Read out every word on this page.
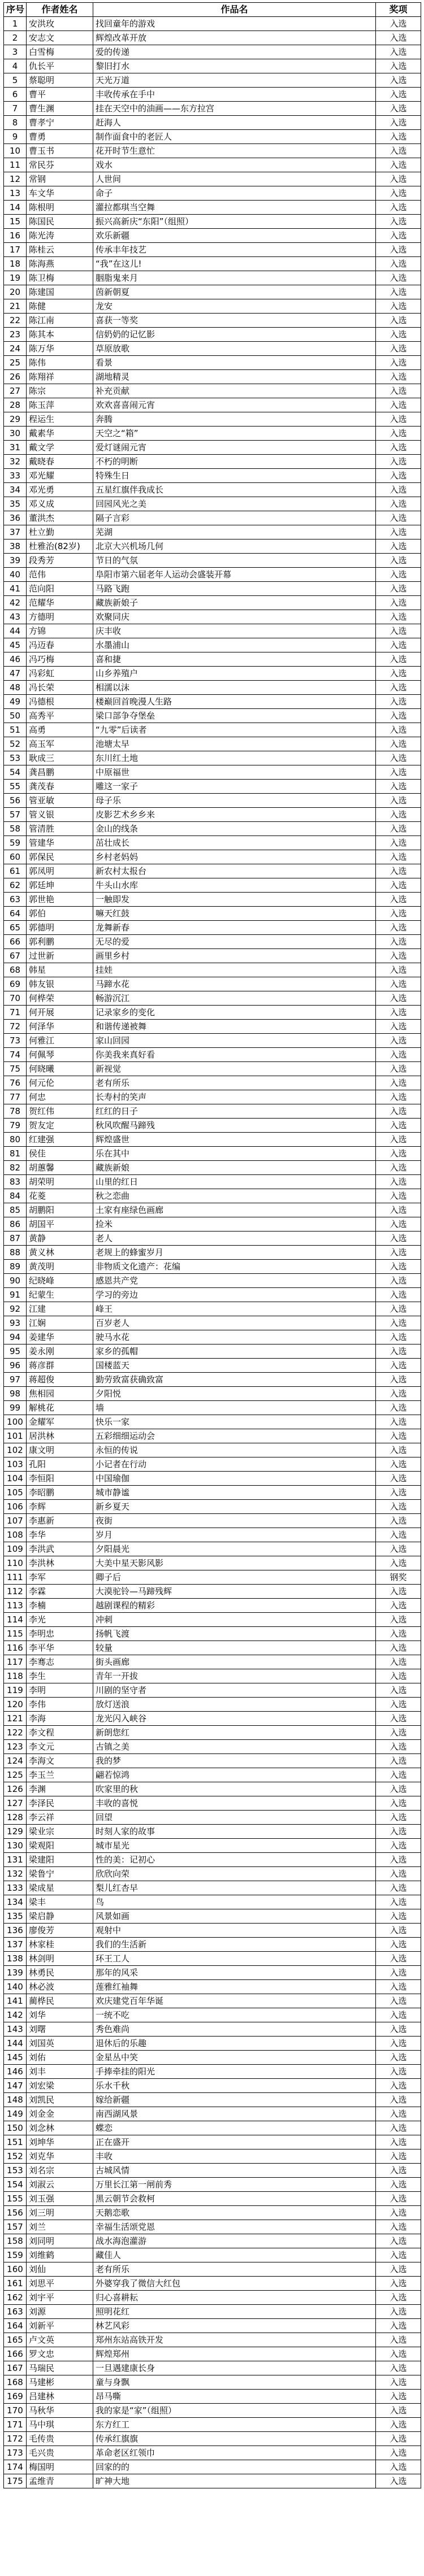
序号	作者姓名	作品名	奖项
1	安洪玫	找回童年的游戏	入选
2	安志文	辉煌改革开放	入选
3	白雪梅	爱的传递	入选
4	仇长平	黎旧打水	入选
5	蔡聪明	天光万道	入选
6	曹平	丰收传承在手中	入选
7	曹生渊	挂在天空中的油画——东方拉宫	入选
8	曹孝宁	赶海人	入选
9	曹勇	制作面食中的老匠人	入选
10	曹玉书	花开时节生意忙	入选
11	常民芬	戏水	入选
12	常钢	人世间	入选
13	车文华	命子	入选
14	陈根明	灌拉都琪当空舞	入选
15	陈国民	振兴高新庆“东阳”（组照）	入选
16	陈光涛	欢乐新疆	入选
17	陈桂云	传承丰年技艺	入选
18	陈海燕	“我”在这儿!	入选
19	陈卫梅	胭脂鬼来月	入选
20	陈建国	茵新朝夏	入选
21	陈健	龙安	入选
22	陈江南	喜获一等奖	入选
23	陈其本	信奶奶的记忆影	入选
24	陈万华	草原放歌	入选
25	陈伟	看景	入选
26	陈翔祥	湖地精灵	入选
27	陈宗	补充贡献	入选
28	陈玉萍	欢欢喜喜闹元宵	入选
29	程运生	奔腾	入选
30	戴素华	天空之“箱”	入选
31	戴文学	爱灯谜闹元宵	入选
32	戴晓春	不朽的明断	入选
33	邓光耀	特殊生日	入选
34	邓光勇	五星红旗伴我成长	入选
35	邓义成	回园风光之美	入选
36	董洪杰	隔子言彩	入选
37	杜立勤	芜湖	入选
38	杜雅治(82岁)	北京大兴机场几何	入选
39	段秀芳	节日的气氛	入选
40	范伟	阜阳市第六届老年人运动会盛装开幕	入选
41	范向阳	马路飞跑	入选
42	范耀华	藏族新娘子	入选
43	方德明	欢聚同庆	入选
44	方锦	庆丰收	入选
45	冯迈春	水墨浦山	入选
46	冯巧梅	喜和捷	入选
47	冯彩虹	山乡养殖户	入选
48	冯长荣	相濡以沫	入选
49	冯德根	楼巅回首晚漫人生路	入选
50	高秀平	梁口部争夺堡垒	入选
51	高勇	“九零”后读者	入选
52	高玉军	池塘太早	入选
53	耿成三	东川红土地	入选
54	龚昌鹏	中原福世	入选
55	龚茂春	雕这一家子	入选
56	管亚敏	母子乐	入选
57	管义银	皮影艺术乡乡来	入选
58	管清胜	金山的线条	入选
59	管建华	茁壮成长	入选
60	郭保民	乡村老妈妈	入选
61	郭凤明	新农村太报台	入选
62	郭廷坤	牛头山水库	入选
63	郭世艳	一触即发	入选
64	郭伯	嘛天红鼓	入选
65	郭德明	龙舞新春	入选
66	郭利鹏	无尽的爱	入选
67	过世新	画里乡村	入选
68	韩星	挂娃	入选
69	韩友银	马蹄水花	入选
70	何桦荣	畅游沉江	入选
71	何开展	记录家乡的变化	入选
72	何泽华	和谐传递被舞	入选
73	何雅江	家山回园	入选
74	何佩琴	你美我来真好看	入选
75	何晓曦	新视觉	入选
76	何元伦	老有所乐	入选
77	何忠	长寿村的笑声	入选
78	贺红伟	红红的日子	入选
79	贺友定	秋风吹醒马蹄残	入选
80	红建强	辉煌盛世	入选
81	侯佳	乐在其中	入选
82	胡蕙馨	藏族新娘	入选
83	胡荣明	山里的红日	入选
84	花菱	秋之恋曲	入选
85	胡鹏阳	土家有座绿色画廊	入选
86	胡国平	捡米	入选
87	黄静	老人	入选
88	黄义林	老规上的蜂蜜岁月	入选
89	黄茂明	非物质文化遗产：花编	入选
90	纪晓峰	感恩共产党	入选
91	纪蒙生	学习的旁边	入选
92	江建	峰王	入选
93	江娴	百岁老人	入选
94	姜建华	驶马水花	入选
95	姜永刚	家乡的孤帽	入选
96	蒋彦群	国楼蓝天	入选
97	蒋超俊	勤劳致富获确致富	入选
98	焦相园	夕阳悦	入选
99	解桃花	墙	入选
100	金耀军	快乐一家	入选
101	居洪林	五彩细细运动会	入选
102	康文明	永恒的传说	入选
103	孔阳	小记者在行动	入选
104	李恒阳	中国瑜伽	入选
105	李昭鹏	城市静谧	入选
106	李辉	新乡夏天	入选
107	李惠新	夜街	入选
108	李华	岁月	入选
109	李洪武	夕阳晨光	入选
110	李洪林	大美中星天影风影	入选
111	李军	卿子后	钢奖
112	李霖	大漠驼铃—马蹄残辉	入选
113	李楠	越剧课程的精彩	入选
114	李光	冲刺	入选
115	李明忠	扬帆飞渡	入选
116	李平华	较量	入选
117	李骞志	街头画廊	入选
118	李生	青年一开拔	入选
119	李明	川剧的坚守者	入选
120	李伟	放灯送浪	入选
121	李海	龙光闪入峡谷	入选
122	李文程	新朗您红	入选
123	李文元	古镇之美	入选
124	李海文	我的梦	入选
125	李玉兰	翩若惊鸿	入选
126	李渊	吹家里的秋	入选
127	李泽民	丰收的喜悦	入选
128	李云祥	回望	入选
129	梁业宗	时刻人家的故事	入选
130	梁观阳	城市星光	入选
131	梁建阳	性的美：记初心	入选
132	梁鲁宁	欣欣向荣	入选
133	梁成星	梨儿红杏早	入选
134	梁丰	鸟	入选
135	梁启静	风景如画	入选
136	廖俊芳	观射中	入选
137	林家桂	我们的生活新	入选
138	林剑明	环王工人	入选
139	林勇民	那年的风采	入选
140	林必波	莲雅红袖舞	入选
141	蔺桦民	欢庆建党百年华诞	入选
142	刘华	一统不吃	入选
143	刘曙	秀色难尚	入选
144	刘国英	退休后的乐趣	入选
145	刘佑	金星丛中笑	入选
146	刘丰	手捧牵挂的阳光	入选
147	刘宏梁	乐水千秋	入选
148	刘凯民	嫁给新疆	入选
149	刘金金	南西湖风景	入选
150	刘念林	蝶恋	入选
151	刘坤华	正在盛开	入选
152	刘克华	丰收	入选
153	刘名宗	古城风情	入选
154	刘淑云	万里长江第一闸前秀	入选
155	刘玉强	黑云朝节会救柯	入选
156	刘三明	天鹅恋歌	入选
157	刘兰	幸福生活颂党恩	入选
158	刘同明	战水海泡灌游	入选
159	刘维鹤	藏佳人	入选
160	刘仙	老有所乐	入选
161	刘思平	外婆穿我了微信大红包	入选
162	刘宇平	归心喜耕耘	入选
163	刘源	照明花红	入选
164	刘新平	林艺风彩	入选
165	卢文英	郑州东站高铁开发	入选
166	罗文忠	辉煌郑州	入选
167	马瑞民	一旦遇建康长身	入选
168	马建彬	童与身飘	入选
169	吕建林	昂马嘶	入选
170	马秋华	我的家是“家”（组照）	入选
171	马中琪	东方红工	入选
172	毛传贵	传承红旗旗	入选
173	毛兴贵	革命老区红领巾	入选
174	梅国明	回家的的	入选
175	孟维青	旷神大地	入选
